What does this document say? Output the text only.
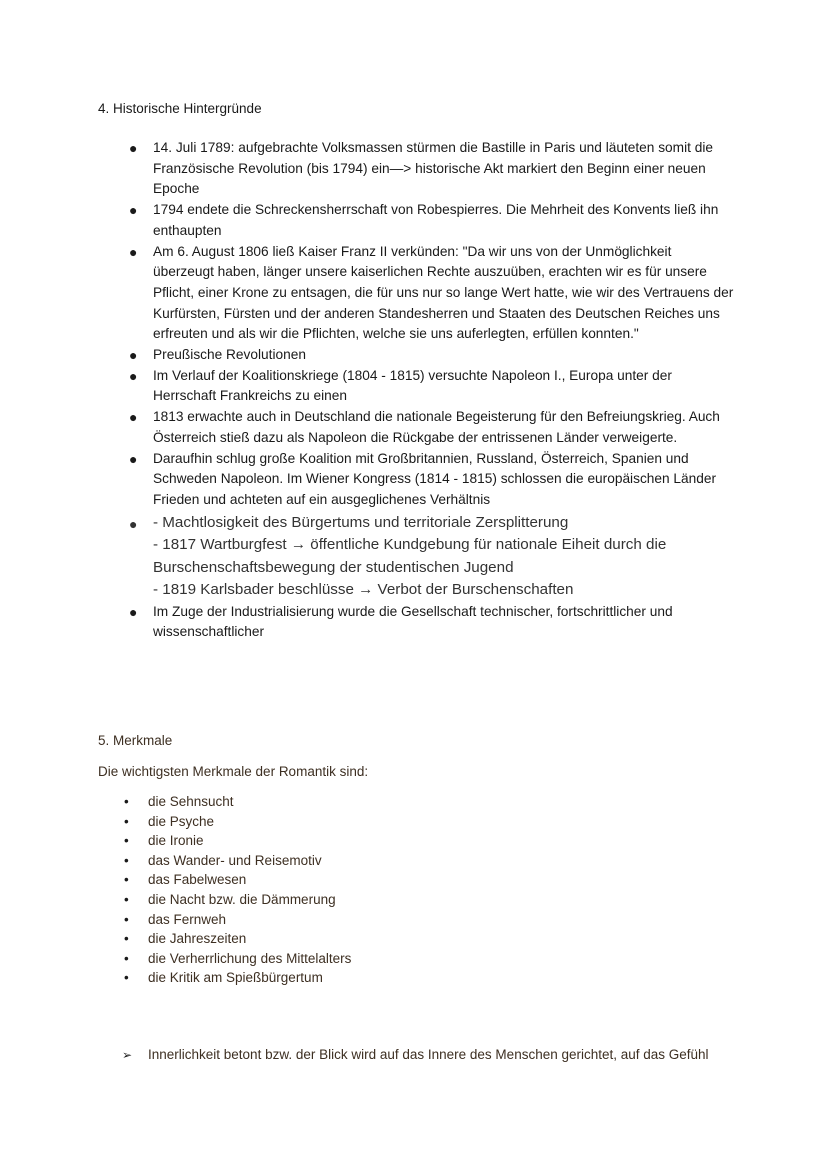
4. Historische Hintergründe
● 14. Juli 1789: aufgebrachte Volksmassen stürmen die Bastille in Paris und läuteten somit die Französische Revolution (bis 1794) ein—> historische Akt markiert den Beginn einer neuen Epoche
● 1794 endete die Schreckensherrschaft von Robespierres. Die Mehrheit des Konvents ließ ihn enthaupten
● Am 6. August 1806 ließ Kaiser Franz II verkünden: "Da wir uns von der Unmöglichkeit überzeugt haben, länger unsere kaiserlichen Rechte auszuüben, erachten wir es für unsere Pflicht, einer Krone zu entsagen, die für uns nur so lange Wert hatte, wie wir des Vertrauens der Kurfürsten, Fürsten und der anderen Standesherren und Staaten des Deutschen Reiches uns erfreuten und als wir die Pflichten, welche sie uns auferlegten, erfüllen konnten."
● Preußische Revolutionen
● Im Verlauf der Koalitionskriege (1804 - 1815) versuchte Napoleon I., Europa unter der Herrschaft Frankreichs zu einen
● 1813 erwachte auch in Deutschland die nationale Begeisterung für den Befreiungskrieg. Auch Österreich stieß dazu als Napoleon die Rückgabe der entrissenen Länder verweigerte.
● Daraufhin schlug große Koalition mit Großbritannien, Russland, Österreich, Spanien und Schweden Napoleon. Im Wiener Kongress (1814 - 1815) schlossen die europäischen Länder Frieden und achteten auf ein ausgeglichenes Verhältnis
● - Machtlosigkeit des Bürgertums und territoriale Zersplitterung
- 1817 Wartburgfest → öffentliche Kundgebung für nationale Eiheit durch die Burschenschaftsbewegung der studentischen Jugend
- 1819 Karlsbader beschlüsse → Verbot der Burschenschaften
● Im Zuge der Industrialisierung wurde die Gesellschaft technischer, fortschrittlicher und wissenschaftlicher
5. Merkmale

Die wichtigsten Merkmale der Romantik sind:

• die Sehnsucht
• die Psyche
• die Ironie
• das Wander- und Reisemotiv
• das Fabelwesen
• die Nacht bzw. die Dämmerung
• das Fernweh
• die Jahreszeiten
• die Verherrlichung des Mittelalters
• die Kritik am Spießbürgertum

➢ Innerlichkeit betont bzw. der Blick wird auf das Innere des Menschen gerichtet, auf das Gefühl
